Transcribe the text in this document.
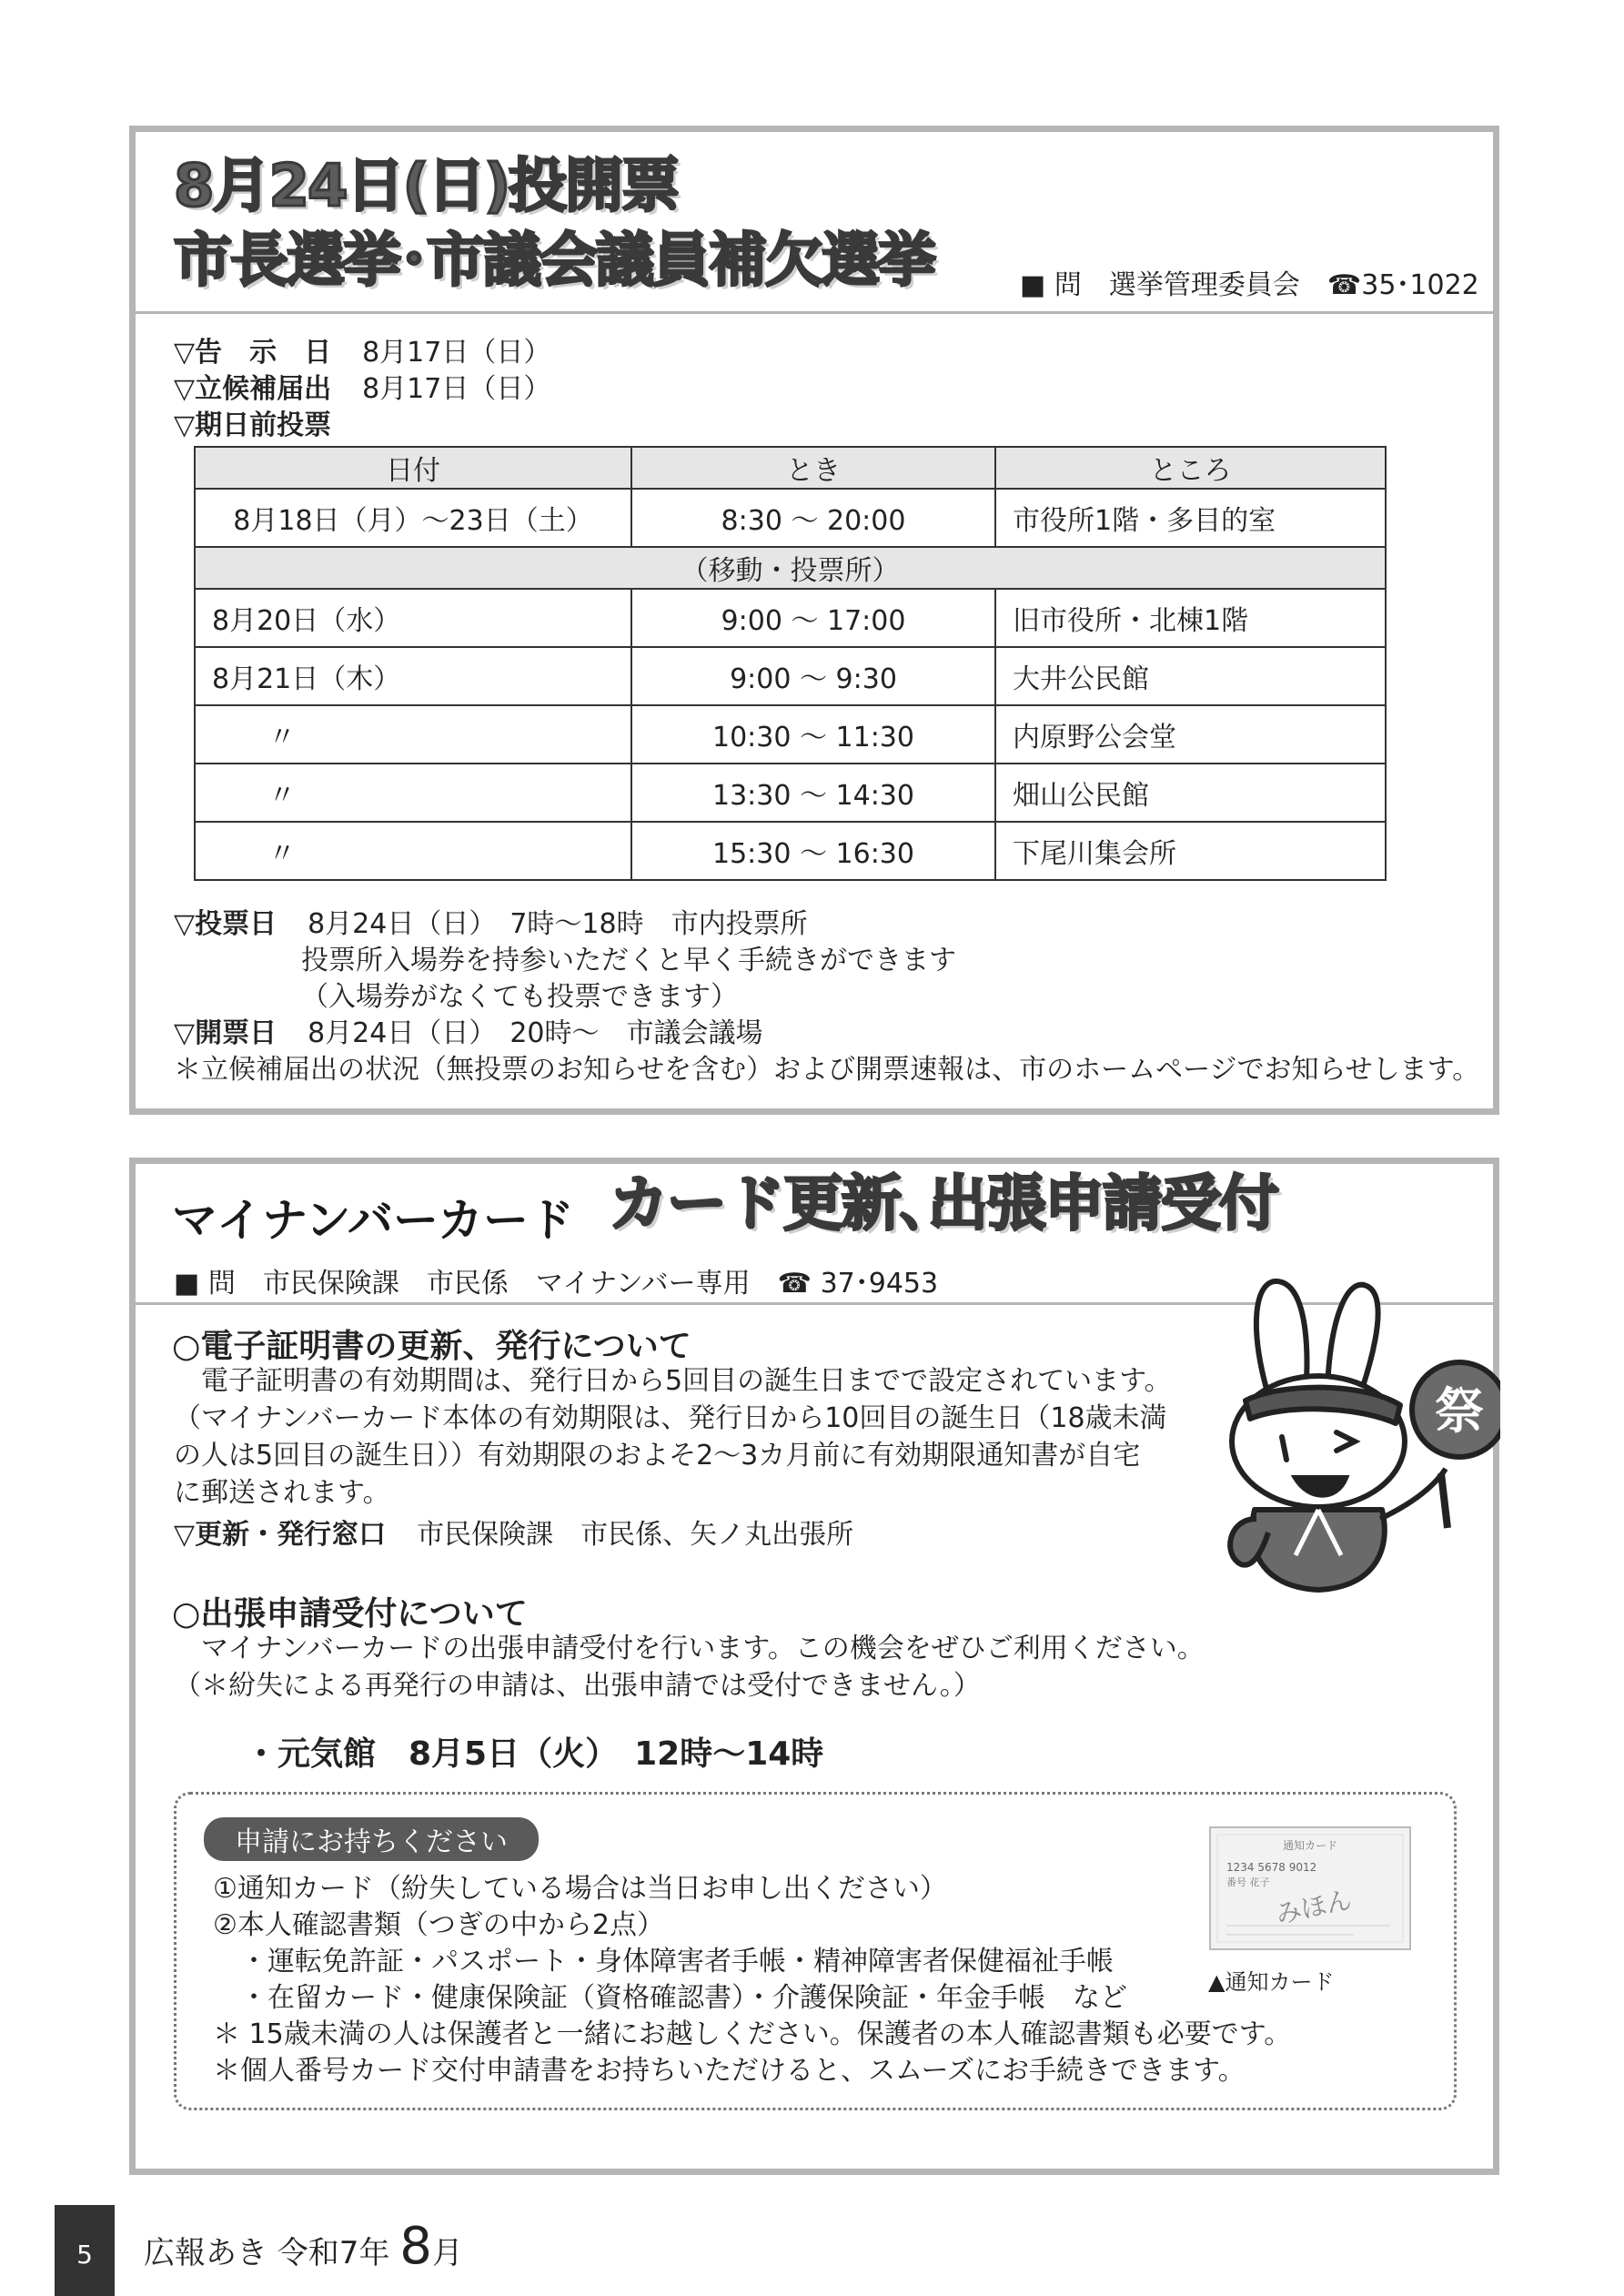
8月24日(日)投開票
市長選挙･市議会議員補欠選挙	■ 問　選挙管理委員会　☎35･1022
▽告　示　日 8月17日（日）
▽立候補届出 8月17日（日）
▽期日前投票
日付	とき	ところ
8月18日（月）～23日（土）	8:30 ～ 20:00	市役所1階・多目的室
（移動・投票所）		
8月20日（水）	9:00 ～ 17:00	旧市役所・北棟1階
8月21日（木）	9:00 ～ 9:30	大井公民館
〃	10:30 ～ 11:30	内原野公会堂
〃	13:30 ～ 14:30	畑山公民館
〃	15:30 ～ 16:30	下尾川集会所
▽投票日 8月24日（日）　7時～18時　市内投票所
投票所入場券を持参いただくと早く手続きができます
（入場券がなくても投票できます）
▽開票日 8月24日（日）　20時～　市議会議場
＊立候補届出の状況（無投票のお知らせを含む）および開票速報は、市のホームページでお知らせします。
マイナンバーカード カード更新､出張申請受付
■ 問　市民保険課　市民係　マイナンバー専用　☎ 37･9453
○電子証明書の更新、発行について
　電子証明書の有効期間は、発行日から5回目の誕生日までで設定されています。
（マイナンバーカード本体の有効期限は、発行日から10回目の誕生日（18歳未満
の人は5回目の誕生日））有効期限のおよそ2～3カ月前に有効期限通知書が自宅
に郵送されます。
▽更新・発行窓口 市民保険課　市民係、矢ノ丸出張所
○出張申請受付について
　マイナンバーカードの出張申請受付を行います。この機会をぜひご利用ください。
（＊紛失による再発行の申請は、出張申請では受付できません。）
祭
・元気館　8月5日（火）　12時～14時
申請にお持ちください
①通知カード（紛失している場合は当日お申し出ください）
②本人確認書類（つぎの中から2点）
　・運転免許証・パスポート・身体障害者手帳・精神障害者保健福祉手帳
　・在留カード・健康保険証（資格確認書）・介護保険証・年金手帳　など
＊ 15歳未満の人は保護者と一緒にお越しください。保護者の本人確認書類も必要です。
＊個人番号カード交付申請書をお持ちいただけると、スムーズにお手続きできます。
通知カード
1234 5678 9012
番号 花子
みほん
▲通知カード
5	広報あき 令和7年 8月
